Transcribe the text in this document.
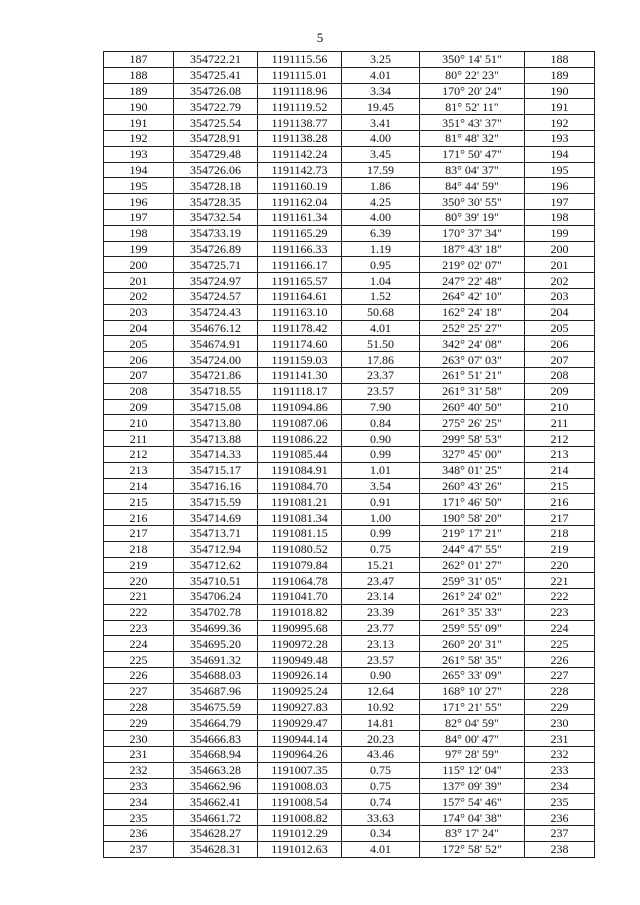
5
187	354722.21	1191115.56	3.25	350° 14' 51"	188
188	354725.41	1191115.01	4.01	80° 22' 23"	189
189	354726.08	1191118.96	3.34	170° 20' 24"	190
190	354722.79	1191119.52	19.45	81° 52' 11"	191
191	354725.54	1191138.77	3.41	351° 43' 37"	192
192	354728.91	1191138.28	4.00	81° 48' 32"	193
193	354729.48	1191142.24	3.45	171° 50' 47"	194
194	354726.06	1191142.73	17.59	83° 04' 37"	195
195	354728.18	1191160.19	1.86	84° 44' 59"	196
196	354728.35	1191162.04	4.25	350° 30' 55"	197
197	354732.54	1191161.34	4.00	80° 39' 19"	198
198	354733.19	1191165.29	6.39	170° 37' 34"	199
199	354726.89	1191166.33	1.19	187° 43' 18"	200
200	354725.71	1191166.17	0.95	219° 02' 07"	201
201	354724.97	1191165.57	1.04	247° 22' 48"	202
202	354724.57	1191164.61	1.52	264° 42' 10"	203
203	354724.43	1191163.10	50.68	162° 24' 18"	204
204	354676.12	1191178.42	4.01	252° 25' 27"	205
205	354674.91	1191174.60	51.50	342° 24' 08"	206
206	354724.00	1191159.03	17.86	263° 07' 03"	207
207	354721.86	1191141.30	23.37	261° 51' 21"	208
208	354718.55	1191118.17	23.57	261° 31' 58"	209
209	354715.08	1191094.86	7.90	260° 40' 50"	210
210	354713.80	1191087.06	0.84	275° 26' 25"	211
211	354713.88	1191086.22	0.90	299° 58' 53"	212
212	354714.33	1191085.44	0.99	327° 45' 00"	213
213	354715.17	1191084.91	1.01	348° 01' 25"	214
214	354716.16	1191084.70	3.54	260° 43' 26"	215
215	354715.59	1191081.21	0.91	171° 46' 50"	216
216	354714.69	1191081.34	1.00	190° 58' 20"	217
217	354713.71	1191081.15	0.99	219° 17' 21"	218
218	354712.94	1191080.52	0.75	244° 47' 55"	219
219	354712.62	1191079.84	15.21	262° 01' 27"	220
220	354710.51	1191064.78	23.47	259° 31' 05"	221
221	354706.24	1191041.70	23.14	261° 24' 02"	222
222	354702.78	1191018.82	23.39	261° 35' 33"	223
223	354699.36	1190995.68	23.77	259° 55' 09"	224
224	354695.20	1190972.28	23.13	260° 20' 31"	225
225	354691.32	1190949.48	23.57	261° 58' 35"	226
226	354688.03	1190926.14	0.90	265° 33' 09"	227
227	354687.96	1190925.24	12.64	168° 10' 27"	228
228	354675.59	1190927.83	10.92	171° 21' 55"	229
229	354664.79	1190929.47	14.81	82° 04' 59"	230
230	354666.83	1190944.14	20.23	84° 00' 47"	231
231	354668.94	1190964.26	43.46	97° 28' 59"	232
232	354663.28	1191007.35	0.75	115° 12' 04"	233
233	354662.96	1191008.03	0.75	137° 09' 39"	234
234	354662.41	1191008.54	0.74	157° 54' 46"	235
235	354661.72	1191008.82	33.63	174° 04' 38"	236
236	354628.27	1191012.29	0.34	83° 17' 24"	237
237	354628.31	1191012.63	4.01	172° 58' 52"	238
